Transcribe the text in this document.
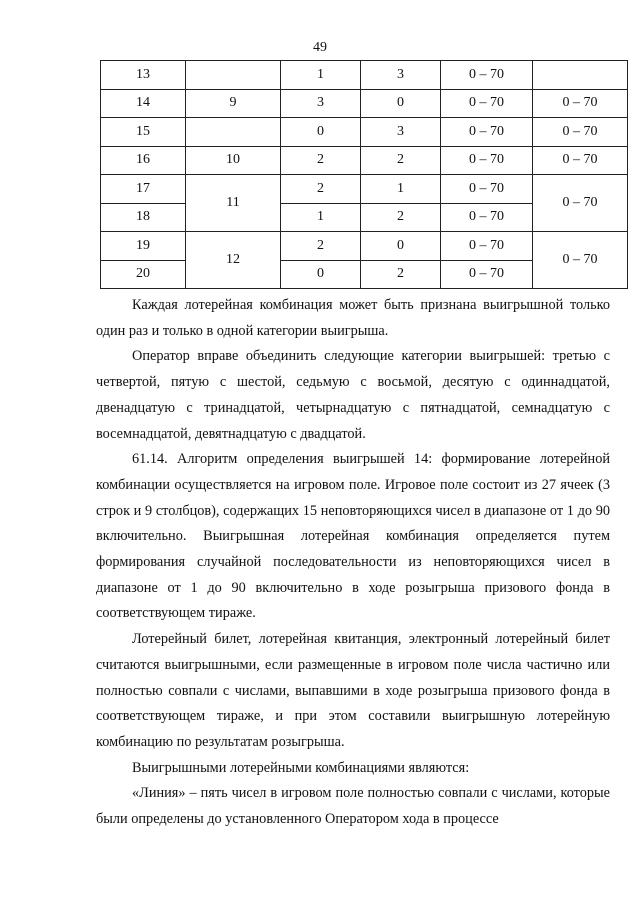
49
13		1	3	0 – 70	
14	9	3	0	0 – 70	0 – 70
15		0	3	0 – 70	0 – 70
16	10	2	2	0 – 70	0 – 70
17	11	2	1	0 – 70	0 – 70
18		1	2	0 – 70	
19	12	2	0	0 – 70	0 – 70
20		0	2	0 – 70	

Каждая лотерейная комбинация может быть признана выигрышной только один раз и только в одной категории выигрыша.

Оператор вправе объединить следующие категории выигрышей: третью с четвертой, пятую с шестой, седьмую с восьмой, десятую с одиннадцатой, двенадцатую с тринадцатой, четырнадцатую с пятнадцатой, семнадцатую с восемнадцатой, девятнадцатую с двадцатой.

61.14. Алгоритм определения выигрышей 14: формирование лотерейной комбинации осуществляется на игровом поле. Игровое поле состоит из 27 ячеек (3 строк и 9 столбцов), содержащих 15 неповторяющихся чисел в диапазоне от 1 до 90 включительно. Выигрышная лотерейная комбинация определяется путем формирования случайной последовательности из неповторяющихся чисел в диапазоне от 1 до 90 включительно в ходе розыгрыша призового фонда в соответствующем тираже.

Лотерейный билет, лотерейная квитанция, электронный лотерейный билет считаются выигрышными, если размещенные в игровом поле числа частично или полностью совпали с числами, выпавшими в ходе розыгрыша призового фонда в соответствующем тираже, и при этом составили выигрышную лотерейную комбинацию по результатам розыгрыша.

Выигрышными лотерейными комбинациями являются:

«Линия» – пять чисел в игровом поле полностью совпали с числами, которые были определены до установленного Оператором хода в процессе
